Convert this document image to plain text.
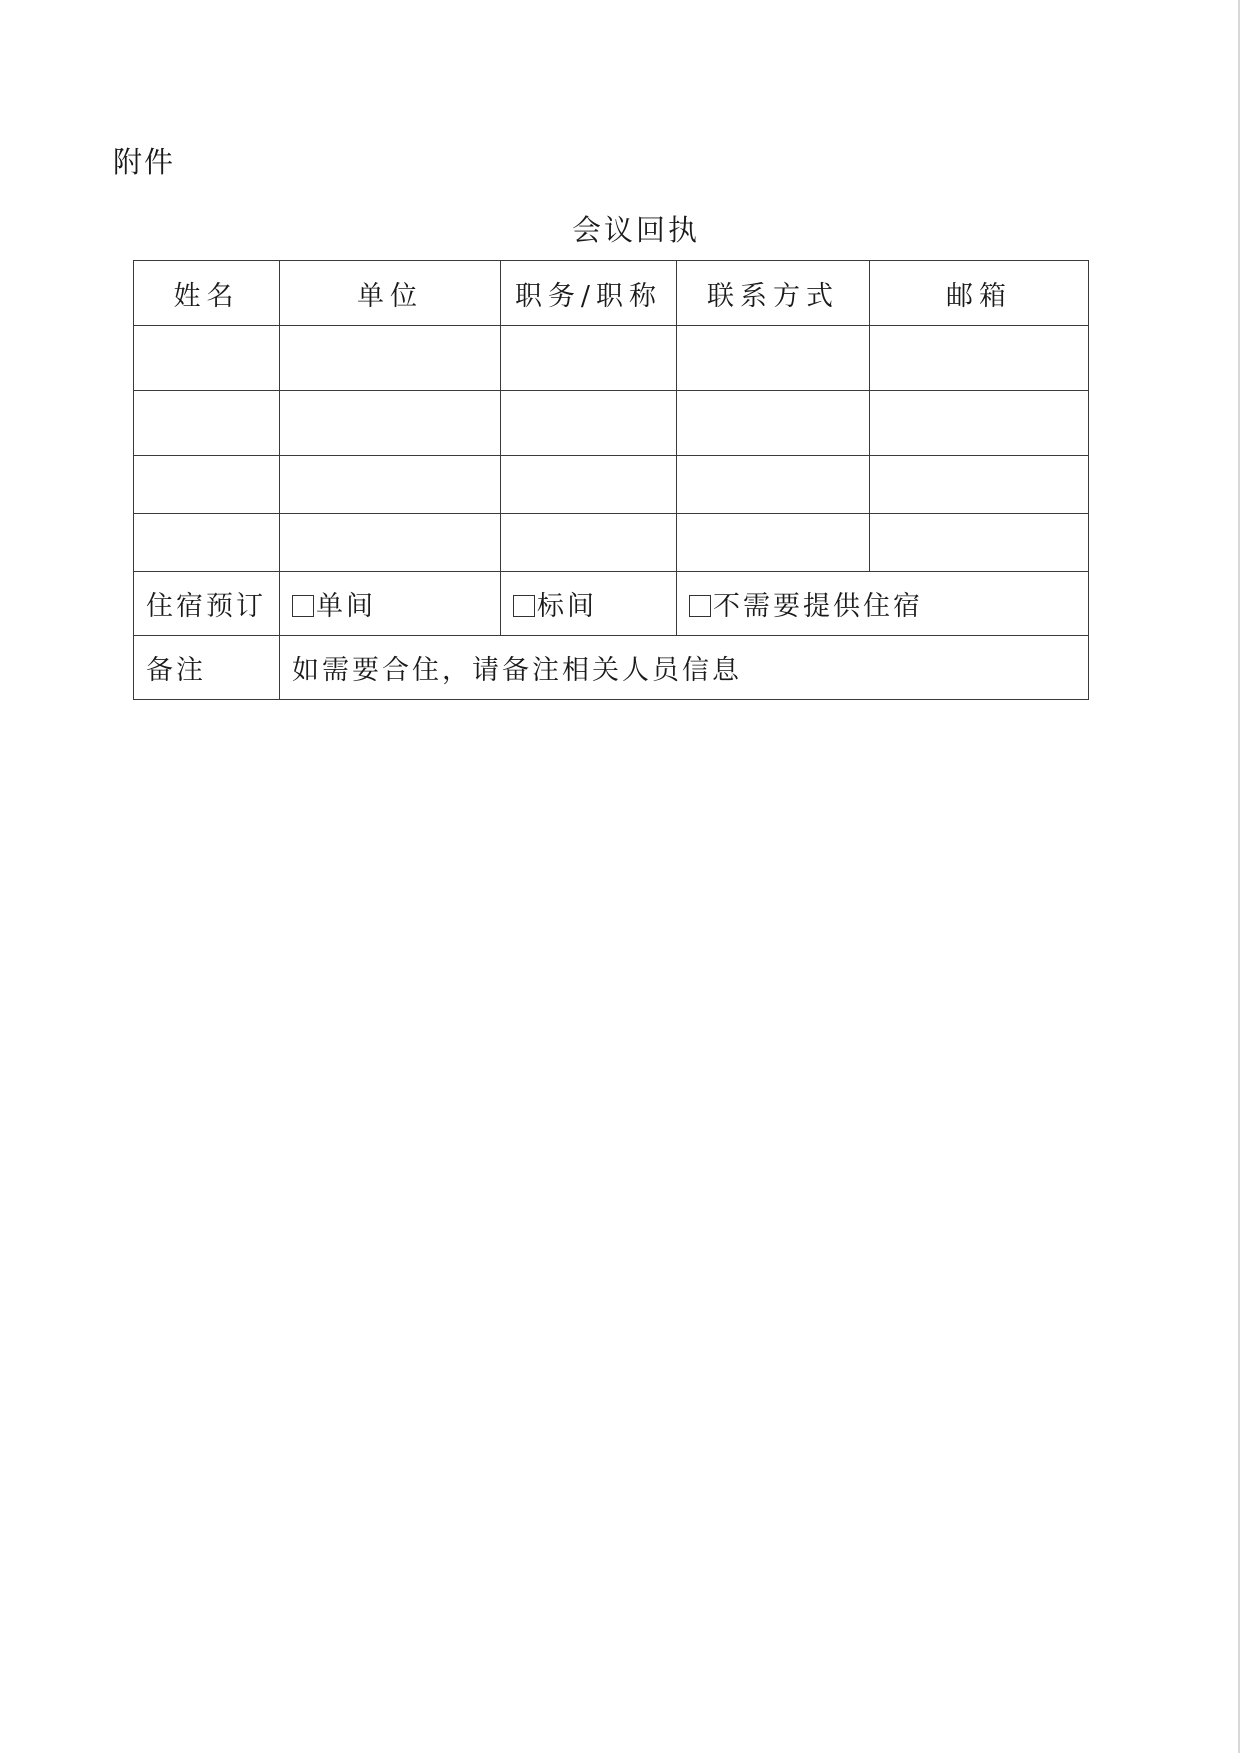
附件
会议回执
姓名	单位	职务/职称	联系方式	邮箱

住宿预订	单间	标间	不需要提供住宿	
备注	如需要合住，请备注相关人员信息			
